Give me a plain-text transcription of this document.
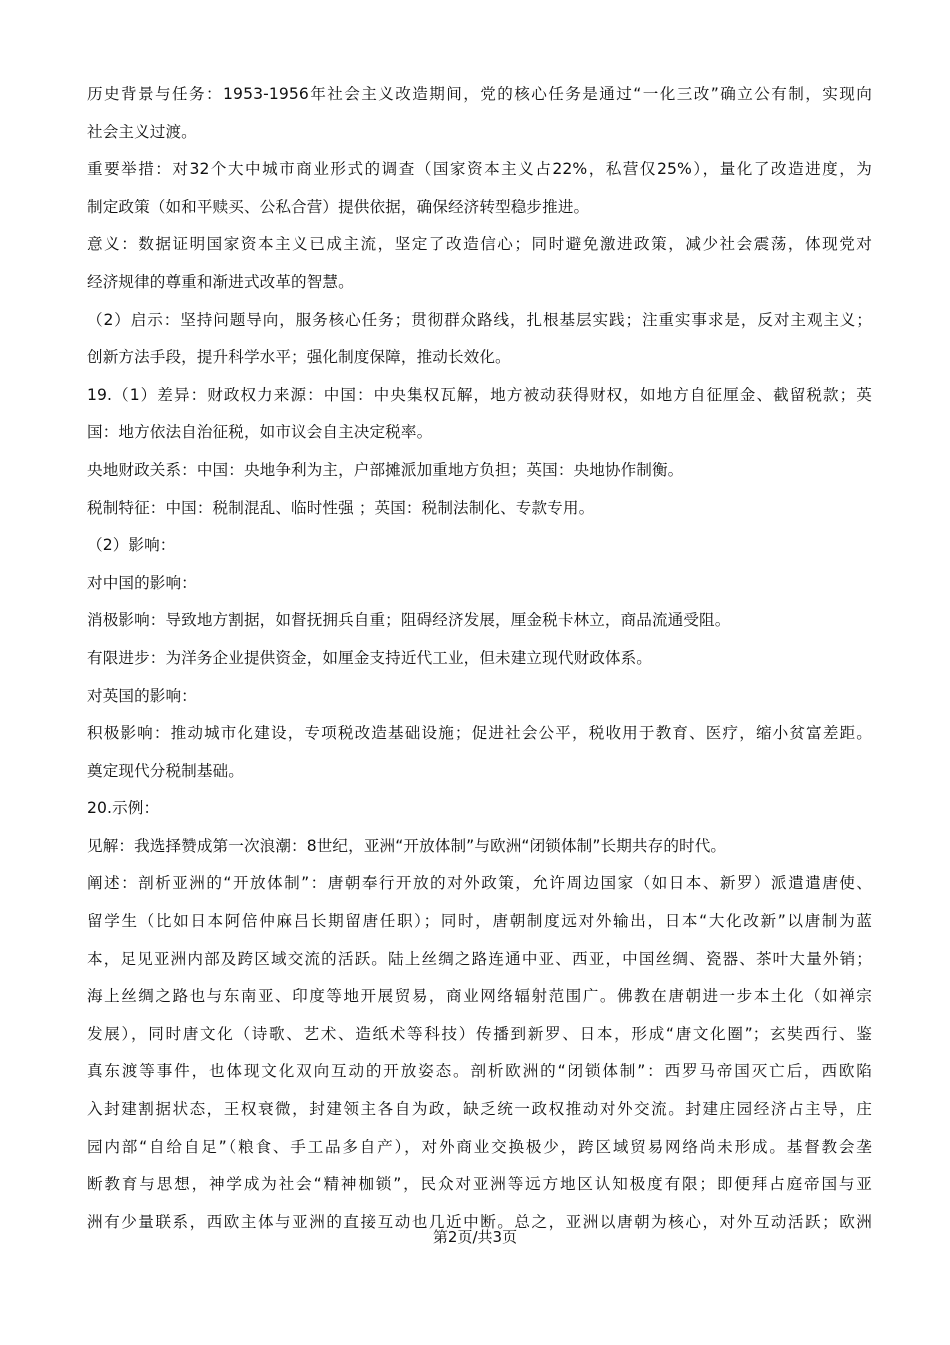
历史背景与任务：1953-1956年社会主义改造期间，党的核心任务是通过“一化三改”确立公有制，实现向
社会主义过渡。
重要举措：对32个大中城市商业形式的调查（国家资本主义占22%，私营仅25%），量化了改造进度，为
制定政策（如和平赎买、公私合营）提供依据，确保经济转型稳步推进。
意义：数据证明国家资本主义已成主流，坚定了改造信心；同时避免激进政策，减少社会震荡，体现党对
经济规律的尊重和渐进式改革的智慧。
（2）启示：坚持问题导向，服务核心任务；贯彻群众路线，扎根基层实践；注重实事求是，反对主观主义；
创新方法手段，提升科学水平；强化制度保障，推动长效化。
19.（1）差异：财政权力来源：中国：中央集权瓦解，地方被动获得财权，如地方自征厘金、截留税款；英
国：地方依法自治征税，如市议会自主决定税率。
央地财政关系：中国：央地争利为主，户部摊派加重地方负担；英国：央地协作制衡。
税制特征：中国：税制混乱、临时性强 ；英国：税制法制化、专款专用。
（2）影响：
对中国的影响：
消极影响：导致地方割据，如督抚拥兵自重；阻碍经济发展，厘金税卡林立，商品流通受阻。
有限进步：为洋务企业提供资金，如厘金支持近代工业，但未建立现代财政体系。
对英国的影响：
积极影响：推动城市化建设，专项税改造基础设施；促进社会公平，税收用于教育、医疗，缩小贫富差距。
奠定现代分税制基础。
20.示例：
见解：我选择赞成第一次浪潮：8世纪，亚洲“开放体制”与欧洲“闭锁体制”长期共存的时代。
阐述：剖析亚洲的“开放体制”：唐朝奉行开放的对外政策，允许周边国家（如日本、新罗）派遣遣唐使、
留学生（比如日本阿倍仲麻吕长期留唐任职）；同时，唐朝制度远对外输出，日本“大化改新”以唐制为蓝
本，足见亚洲内部及跨区域交流的活跃。陆上丝绸之路连通中亚、西亚，中国丝绸、瓷器、茶叶大量外销；
海上丝绸之路也与东南亚、印度等地开展贸易，商业网络辐射范围广。佛教在唐朝进一步本土化（如禅宗
发展），同时唐文化（诗歌、艺术、造纸术等科技）传播到新罗、日本，形成“唐文化圈”；玄奘西行、鉴
真东渡等事件，也体现文化双向互动的开放姿态。剖析欧洲的“闭锁体制”：西罗马帝国灭亡后，西欧陷
入封建割据状态，王权衰微，封建领主各自为政，缺乏统一政权推动对外交流。封建庄园经济占主导，庄
园内部“自给自足”（粮食、手工品多自产），对外商业交换极少，跨区域贸易网络尚未形成。基督教会垄
断教育与思想，神学成为社会“精神枷锁”，民众对亚洲等远方地区认知极度有限；即便拜占庭帝国与亚
洲有少量联系，西欧主体与亚洲的直接互动也几近中断。总之，亚洲以唐朝为核心，对外互动活跃；欧洲
第2页/共3页
